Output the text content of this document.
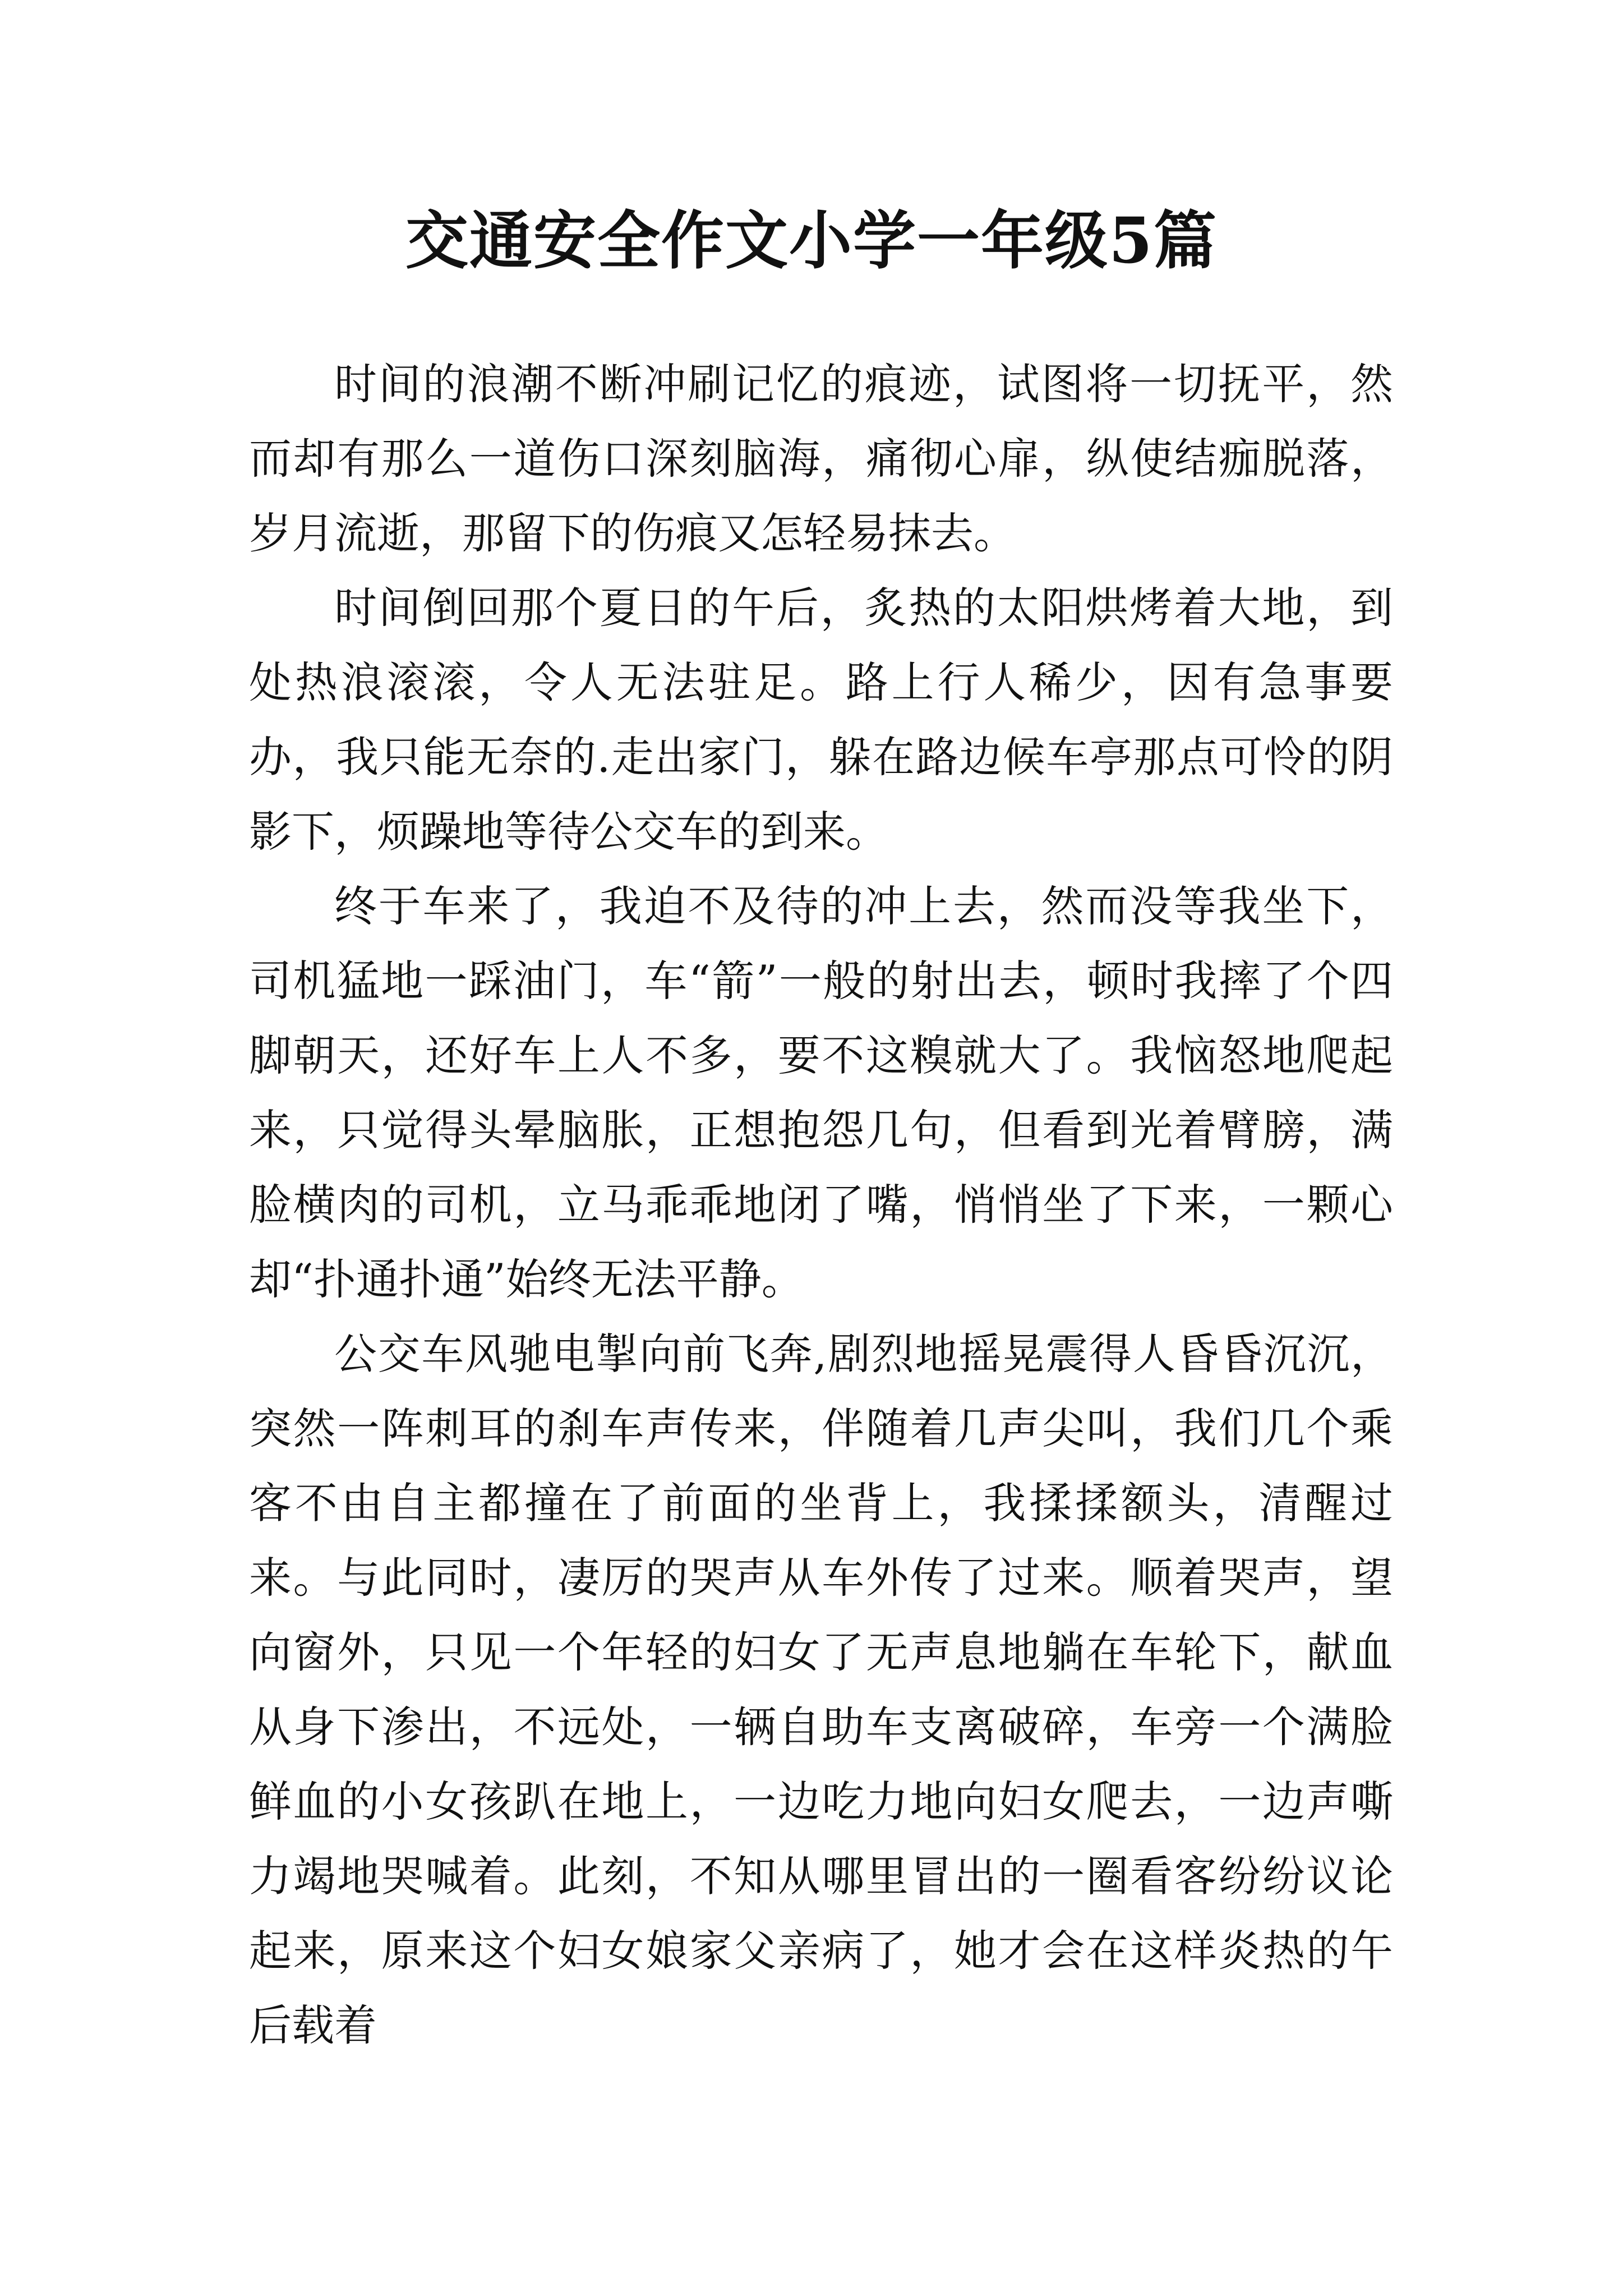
交通安全作文小学一年级5篇

时间的浪潮不断冲刷记忆的痕迹，试图将一切抚平，然而却有那么一道伤口深刻脑海，痛彻心扉，纵使结痂脱落，岁月流逝，那留下的伤痕又怎轻易抹去。

时间倒回那个夏日的午后，炙热的太阳烘烤着大地，到处热浪滚滚，令人无法驻足。路上行人稀少，因有急事要办，我只能无奈的.走出家门，躲在路边候车亭那点可怜的阴影下，烦躁地等待公交车的到来。

终于车来了，我迫不及待的冲上去，然而没等我坐下，司机猛地一踩油门，车“箭”一般的射出去，顿时我摔了个四脚朝天，还好车上人不多，要不这糗就大了。我恼怒地爬起来，只觉得头晕脑胀，正想抱怨几句，但看到光着臂膀，满脸横肉的司机，立马乖乖地闭了嘴，悄悄坐了下来，一颗心却“扑通扑通”始终无法平静。

公交车风驰电掣向前飞奔,剧烈地摇晃震得人昏昏沉沉，突然一阵刺耳的刹车声传来，伴随着几声尖叫，我们几个乘客不由自主都撞在了前面的坐背上，我揉揉额头，清醒过来。与此同时，凄厉的哭声从车外传了过来。顺着哭声，望向窗外，只见一个年轻的妇女了无声息地躺在车轮下，献血从身下渗出，不远处，一辆自助车支离破碎，车旁一个满脸鲜血的小女孩趴在地上，一边吃力地向妇女爬去，一边声嘶力竭地哭喊着。此刻，不知从哪里冒出的一圈看客纷纷议论起来，原来这个妇女娘家父亲病了，她才会在这样炎热的午后载着
